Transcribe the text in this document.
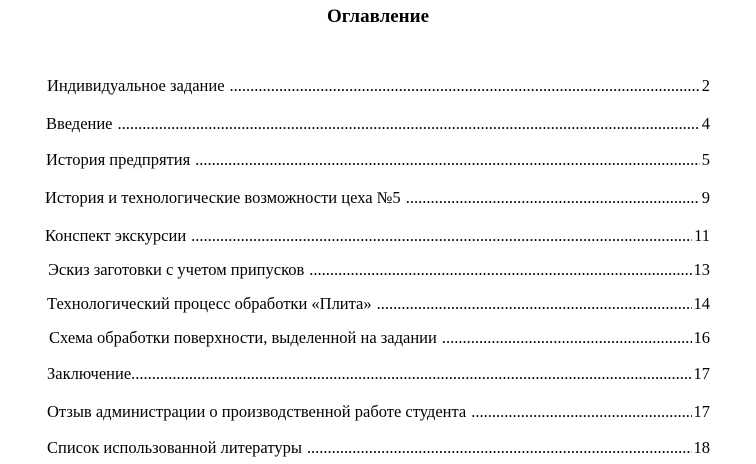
Оглавление
Индивидуальное задание .....	2
Введение .....	4
История предпрятия .....	5
История и технологические возможности цеха №5 .....	9
Конспект экскурсии .....	11
Эскиз заготовки с учетом припусков .....	13
Технологический процесс обработки «Плита» .....	14
Схема обработки поверхности, выделенной на задании .....	16
Заключение. .....	17
Отзыв администрации о производственной работе студента .....	17
Список использованной литературы .....	18
